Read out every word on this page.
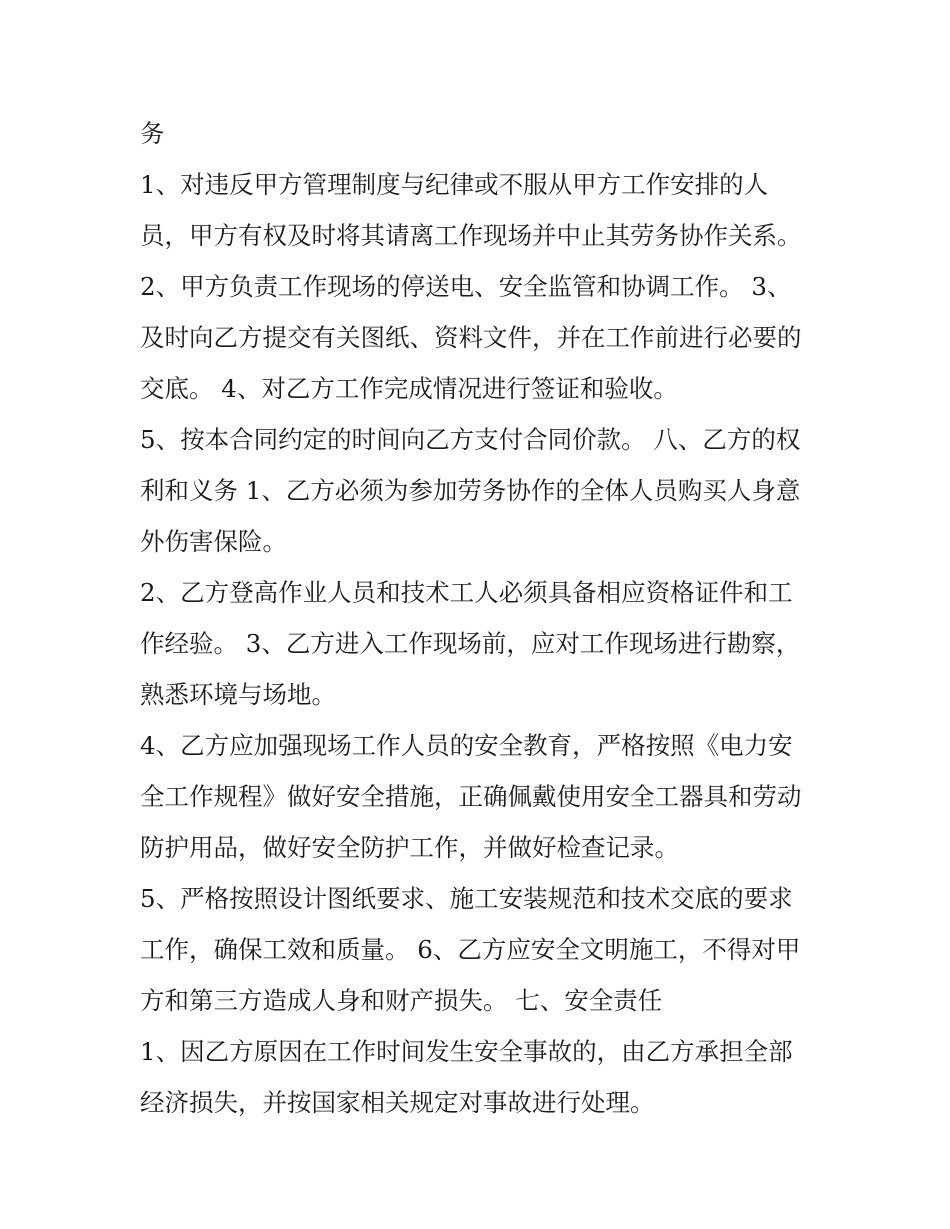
务
1、对违反甲方管理制度与纪律或不服从甲方工作安排的人
员，甲方有权及时将其请离工作现场并中止其劳务协作关系。
2、甲方负责工作现场的停送电、安全监管和协调工作。 3、
及时向乙方提交有关图纸、资料文件，并在工作前进行必要的
交底。 4、对乙方工作完成情况进行签证和验收。
5、按本合同约定的时间向乙方支付合同价款。 八、乙方的权
利和义务 1、乙方必须为参加劳务协作的全体人员购买人身意
外伤害保险。
2、乙方登高作业人员和技术工人必须具备相应资格证件和工
作经验。 3、乙方进入工作现场前，应对工作现场进行勘察，
熟悉环境与场地。
4、乙方应加强现场工作人员的安全教育，严格按照《电力安
全工作规程》做好安全措施，正确佩戴使用安全工器具和劳动
防护用品，做好安全防护工作，并做好检查记录。
5、严格按照设计图纸要求、施工安装规范和技术交底的要求
工作，确保工效和质量。 6、乙方应安全文明施工，不得对甲
方和第三方造成人身和财产损失。 七、安全责任
1、因乙方原因在工作时间发生安全事故的，由乙方承担全部
经济损失，并按国家相关规定对事故进行处理。
